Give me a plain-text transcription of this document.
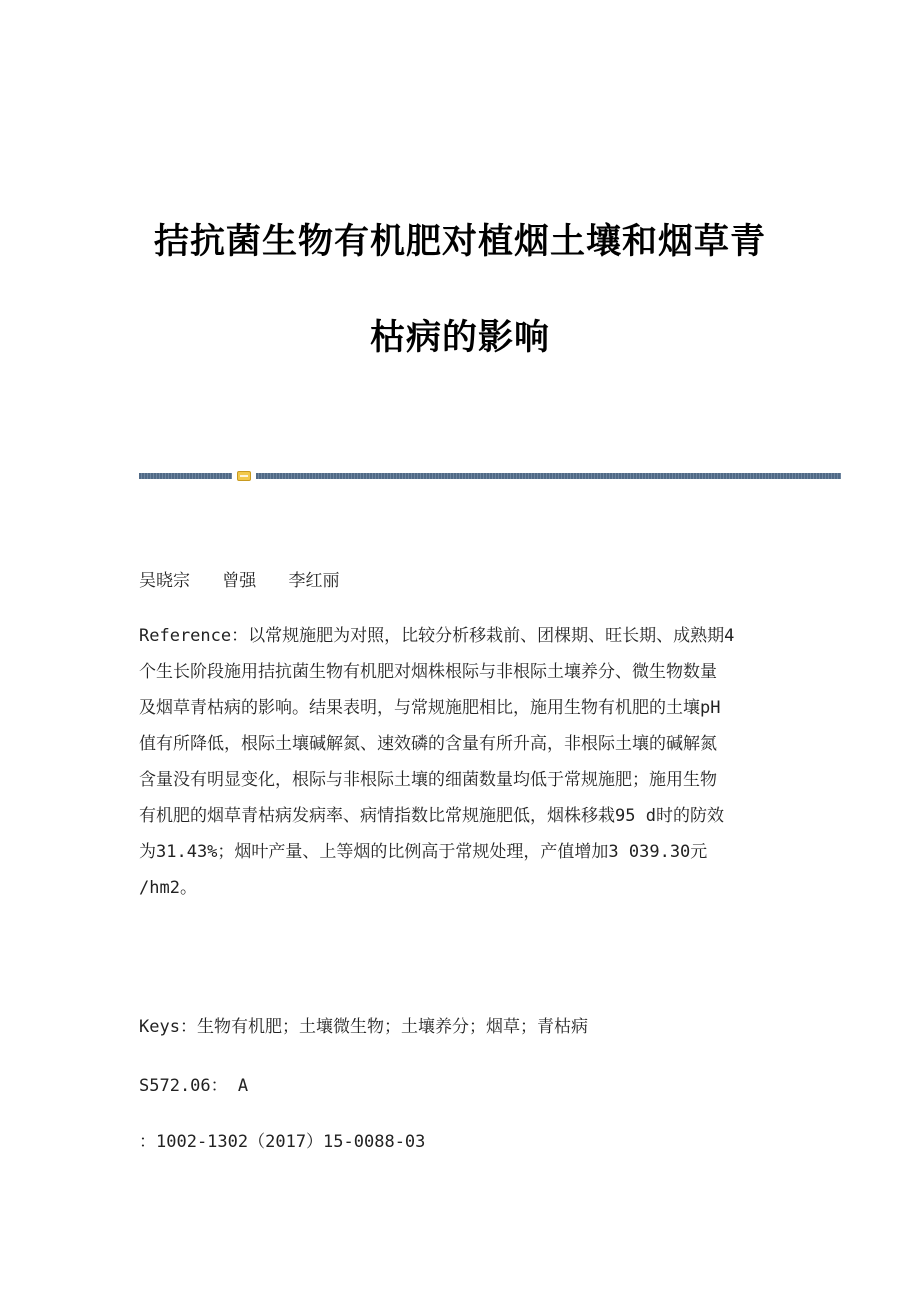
拮抗菌生物有机肥对植烟土壤和烟草青
枯病的影响
吴晓宗 曾强 李红丽
Reference：以常规施肥为对照，比较分析移栽前、团棵期、旺长期、成熟期4
个生长阶段施用拮抗菌生物有机肥对烟株根际与非根际土壤养分、微生物数量
及烟草青枯病的影响。结果表明，与常规施肥相比，施用生物有机肥的土壤pH
值有所降低，根际土壤碱解氮、速效磷的含量有所升高，非根际土壤的碱解氮
含量没有明显变化，根际与非根际土壤的细菌数量均低于常规施肥；施用生物
有机肥的烟草青枯病发病率、病情指数比常规施肥低，烟株移栽95 d时的防效
为31.43%；烟叶产量、上等烟的比例高于常规处理，产值增加3 039.30元
/hm2。
Keys：生物有机肥；土壤微生物；土壤养分；烟草；青枯病
S572.06： A
：1002-1302（2017）15-0088-03
